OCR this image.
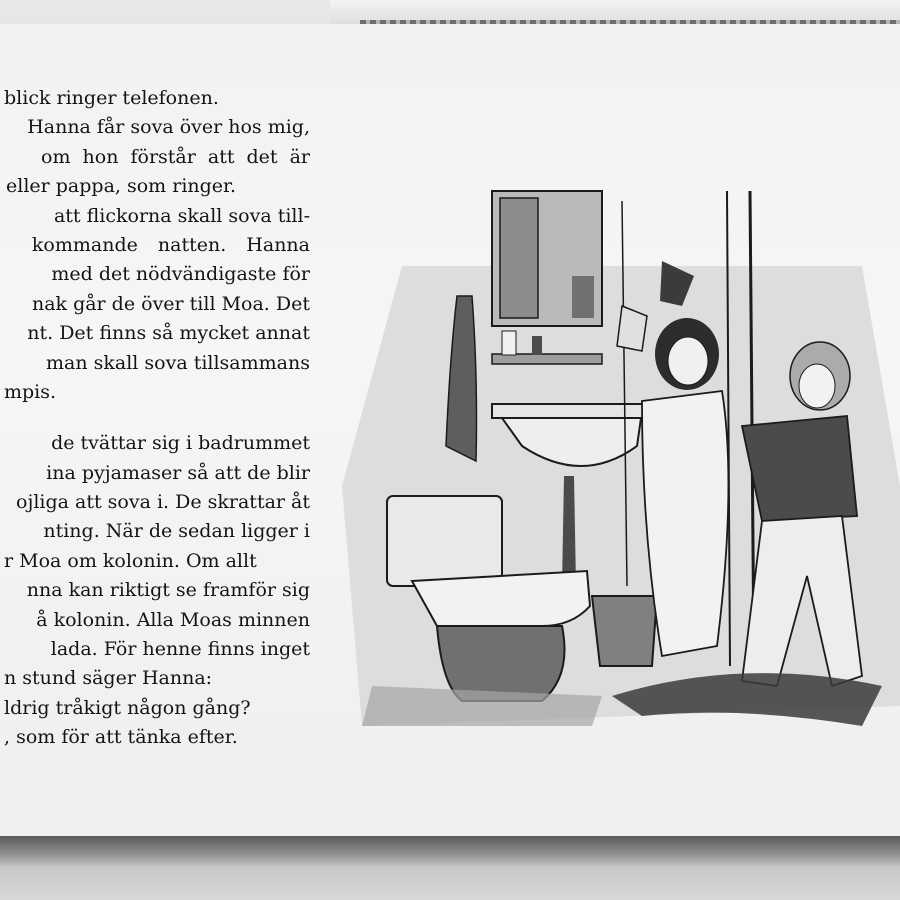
blick ringer telefonen.
Hanna får sova över hos mig,
om hon förstår att det är
eller pappa, som ringer.
att flickorna skall sova till-
kommande natten. Hanna
med det nödvändigaste för
nak går de över till Moa. Det
nt. Det finns så mycket annat
man skall sova tillsammans
mpis.
de tvättar sig i badrummet
ina pyjamaser så att de blir
ojliga att sova i. De skrattar åt
nting. När de sedan ligger i
r Moa om kolonin. Om allt
nna kan riktigt se framför sig
å kolonin. Alla Moas minnen
lada. För henne finns inget
n stund säger Hanna:
ldrig tråkigt någon gång?
, som för att tänka efter.
